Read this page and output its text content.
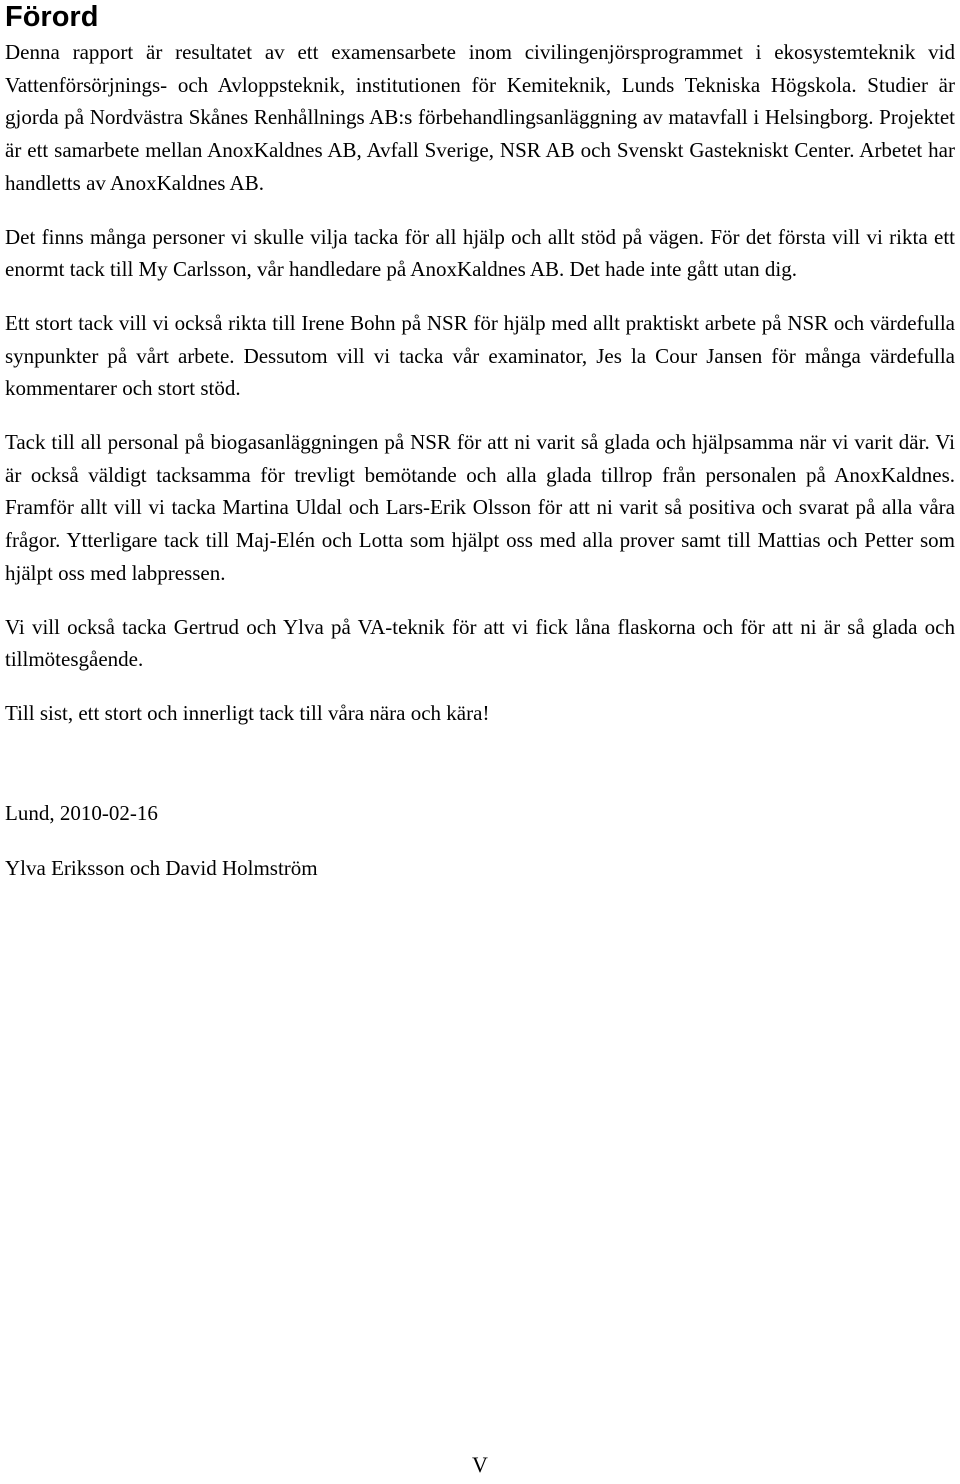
Förord

Denna rapport är resultatet av ett examensarbete inom civilingenjörsprogrammet i ekosystemteknik vid Vattenförsörjnings- och Avloppsteknik, institutionen för Kemiteknik, Lunds Tekniska Högskola. Studier är gjorda på Nordvästra Skånes Renhållnings AB:s förbehandlingsanläggning av matavfall i Helsingborg. Projektet är ett samarbete mellan AnoxKaldnes AB, Avfall Sverige, NSR AB och Svenskt Gastekniskt Center. Arbetet har handletts av AnoxKaldnes AB.

Det finns många personer vi skulle vilja tacka för all hjälp och allt stöd på vägen. För det första vill vi rikta ett enormt tack till My Carlsson, vår handledare på AnoxKaldnes AB. Det hade inte gått utan dig.

Ett stort tack vill vi också rikta till Irene Bohn på NSR för hjälp med allt praktiskt arbete på NSR och värdefulla synpunkter på vårt arbete. Dessutom vill vi tacka vår examinator, Jes la Cour Jansen för många värdefulla kommentarer och stort stöd.

Tack till all personal på biogasanläggningen på NSR för att ni varit så glada och hjälpsamma när vi varit där. Vi är också väldigt tacksamma för trevligt bemötande och alla glada tillrop från personalen på AnoxKaldnes. Framför allt vill vi tacka Martina Uldal och Lars-Erik Olsson för att ni varit så positiva och svarat på alla våra frågor. Ytterligare tack till Maj-Elén och Lotta som hjälpt oss med alla prover samt till Mattias och Petter som hjälpt oss med labpressen.

Vi vill också tacka Gertrud och Ylva på VA-teknik för att vi fick låna flaskorna och för att ni är så glada och tillmötesgående.

Till sist, ett stort och innerligt tack till våra nära och kära!

Lund, 2010-02-16

Ylva Eriksson och David Holmström

V
